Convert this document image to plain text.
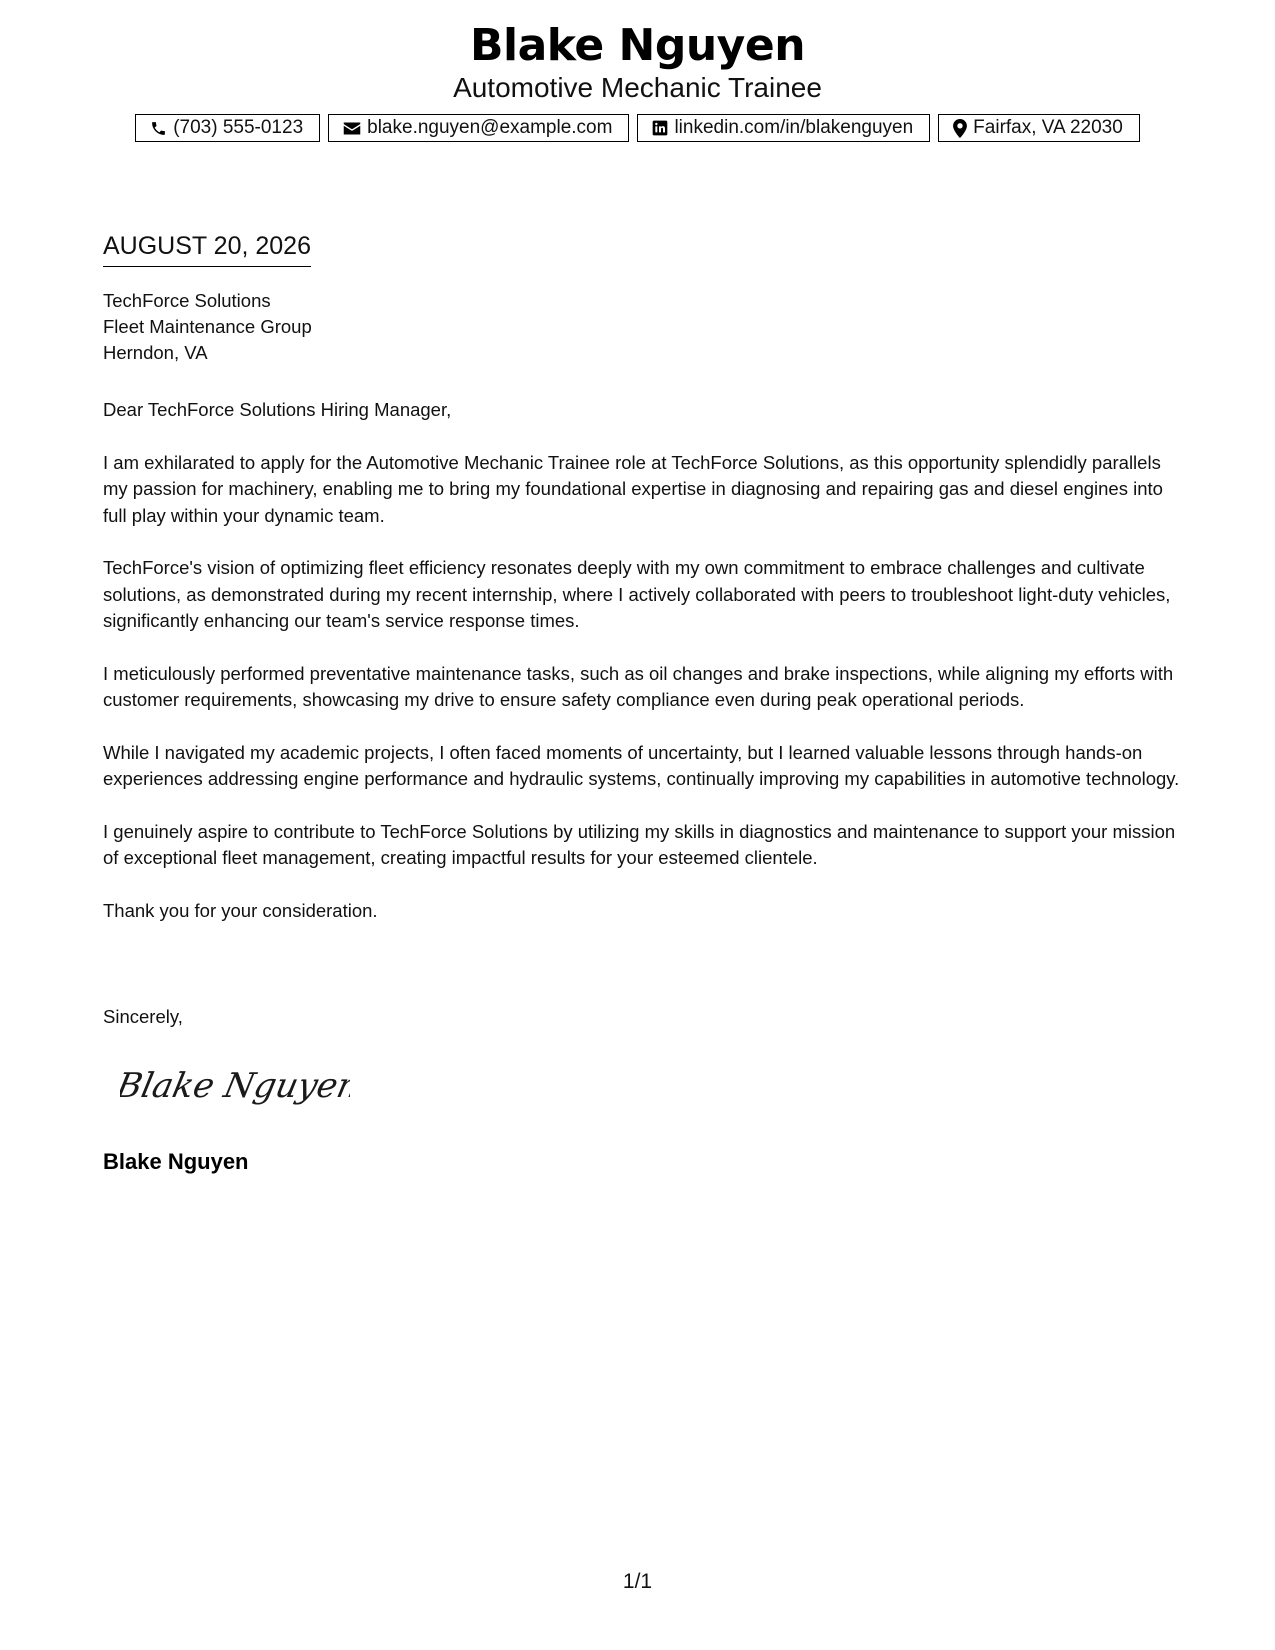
Blake Nguyen
Automotive Mechanic Trainee
(703) 555-0123	blake.nguyen@example.com	linkedin.com/in/blakenguyen	Fairfax, VA 22030
AUGUST 20, 2026
TechForce Solutions
Fleet Maintenance Group
Herndon, VA

Dear TechForce Solutions Hiring Manager,

I am exhilarated to apply for the Automotive Mechanic Trainee role at TechForce Solutions, as this opportunity splendidly parallels my passion for machinery, enabling me to bring my foundational expertise in diagnosing and repairing gas and diesel engines into full play within your dynamic team.

TechForce's vision of optimizing fleet efficiency resonates deeply with my own commitment to embrace challenges and cultivate solutions, as demonstrated during my recent internship, where I actively collaborated with peers to troubleshoot light-duty vehicles, significantly enhancing our team's service response times.

I meticulously performed preventative maintenance tasks, such as oil changes and brake inspections, while aligning my efforts with customer requirements, showcasing my drive to ensure safety compliance even during peak operational periods.

While I navigated my academic projects, I often faced moments of uncertainty, but I learned valuable lessons through hands-on experiences addressing engine performance and hydraulic systems, continually improving my capabilities in automotive technology.

I genuinely aspire to contribute to TechForce Solutions by utilizing my skills in diagnostics and maintenance to support your mission of exceptional fleet management, creating impactful results for your esteemed clientele.

Thank you for your consideration.

Sincerely,
Blake Nguyen
Blake Nguyen
1/1
